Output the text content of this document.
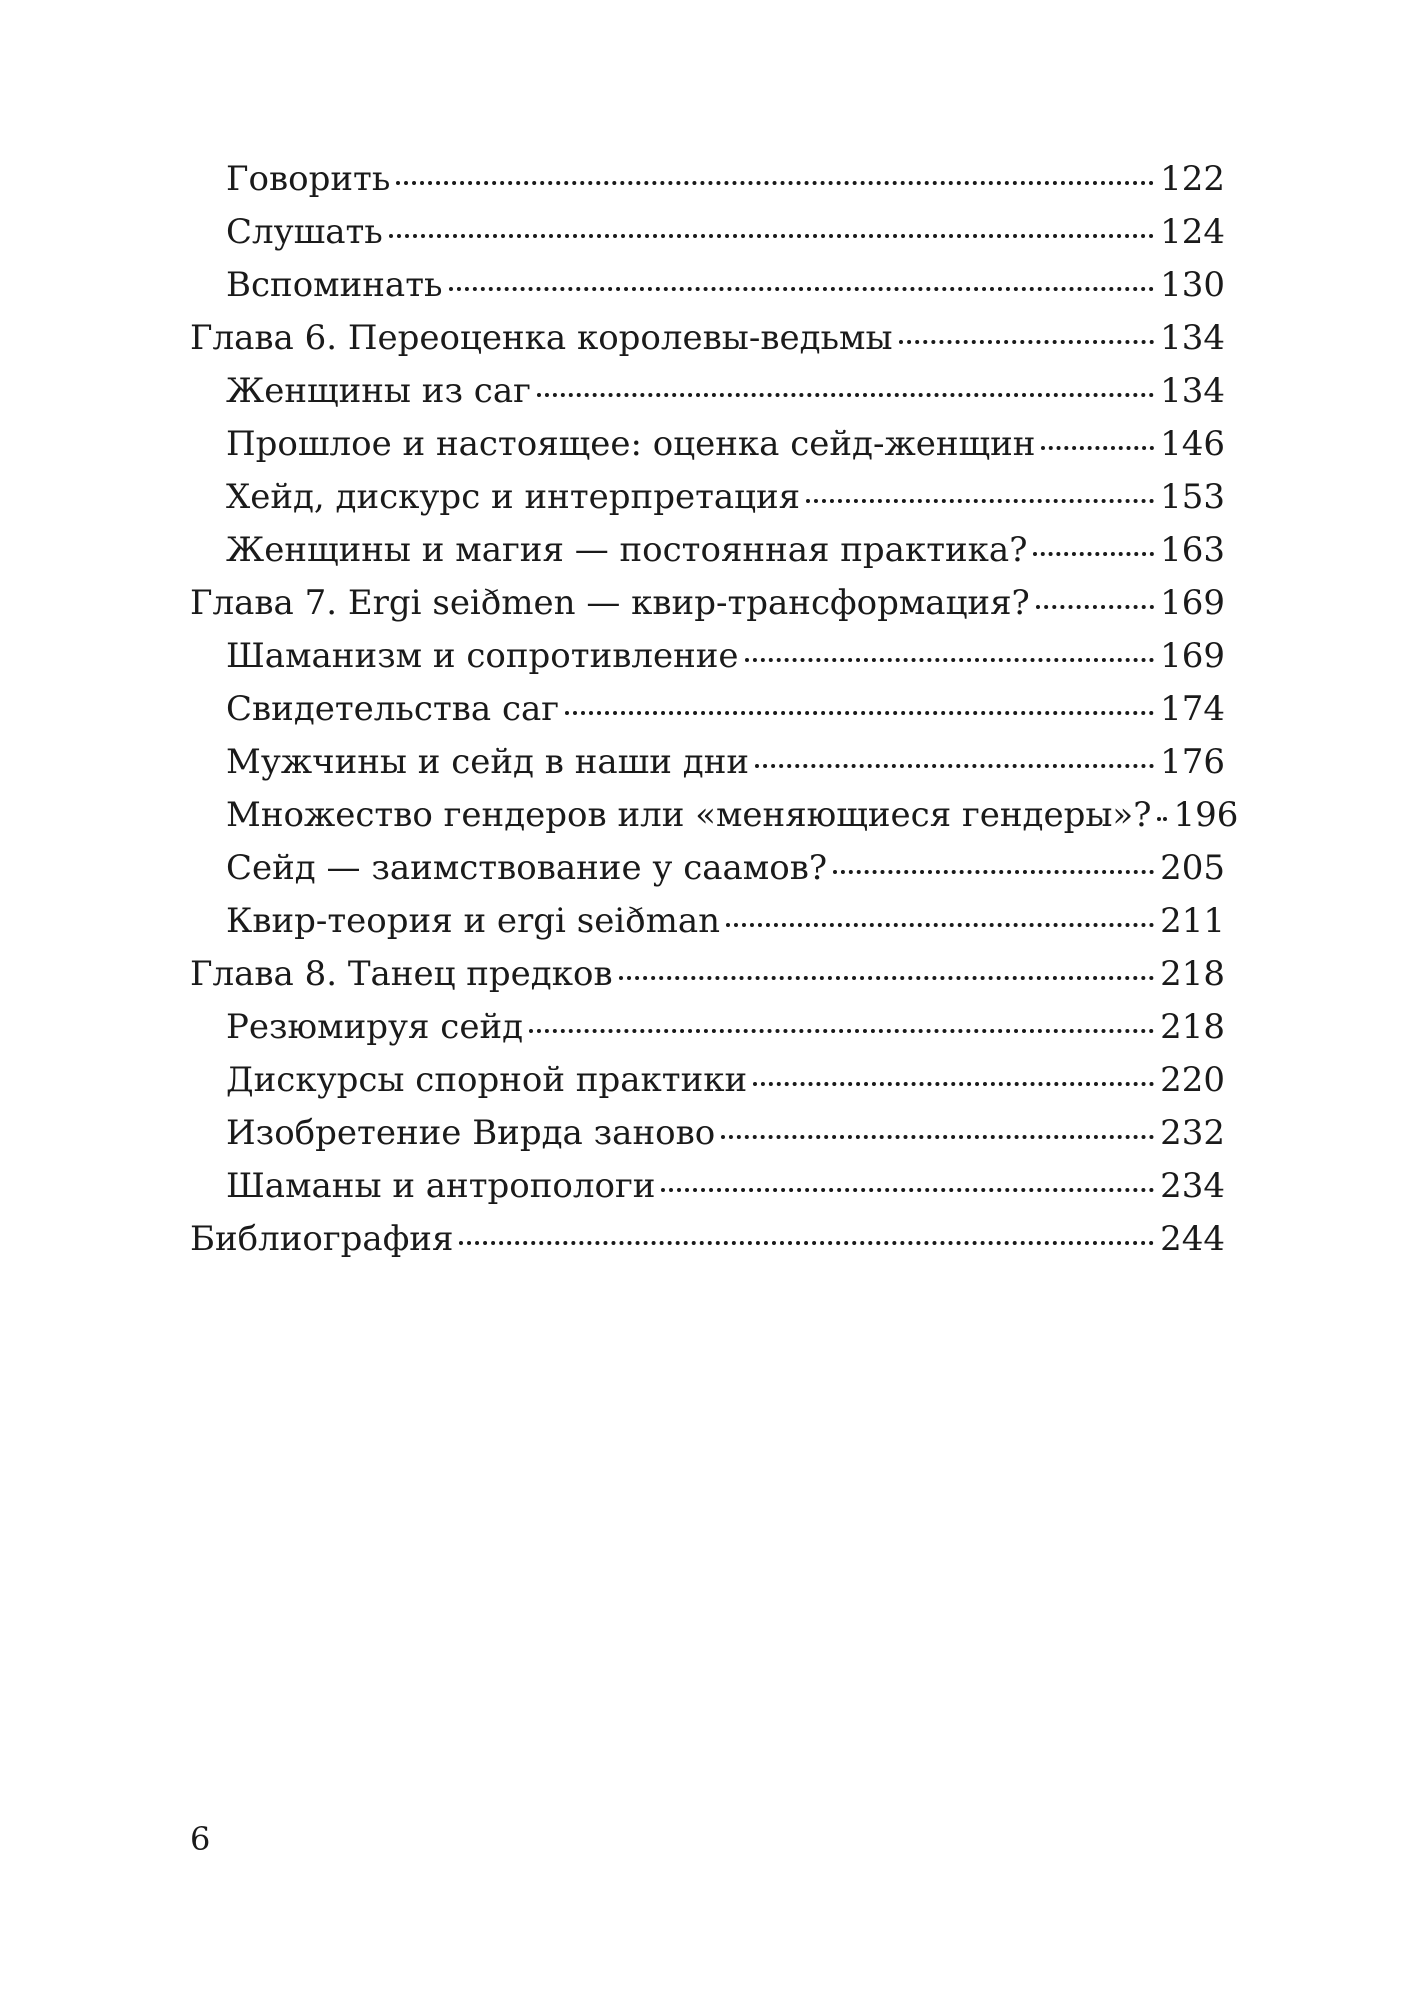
Говорить	122
Слушать	124
Вспоминать	130
Глава 6. Переоценка королевы-ведьмы	134
Женщины из саг	134
Прошлое и настоящее: оценка сейд-женщин	146
Хейд, дискурс и интерпретация	153
Женщины и магия — постоянная практика?	163
Глава 7. Ergi seiðmen — квир-трансформация?	169
Шаманизм и сопротивление	169
Свидетельства саг	174
Мужчины и сейд в наши дни	176
Множество гендеров или «меняющиеся гендеры»? 196
Сейд — заимствование у саамов?	205
Квир-теория и ergi seiðman	211
Глава 8. Танец предков	218
Резюмируя сейд	218
Дискурсы спорной практики	220
Изобретение Вирда заново	232
Шаманы и антропологи	234
Библиография	244
6
